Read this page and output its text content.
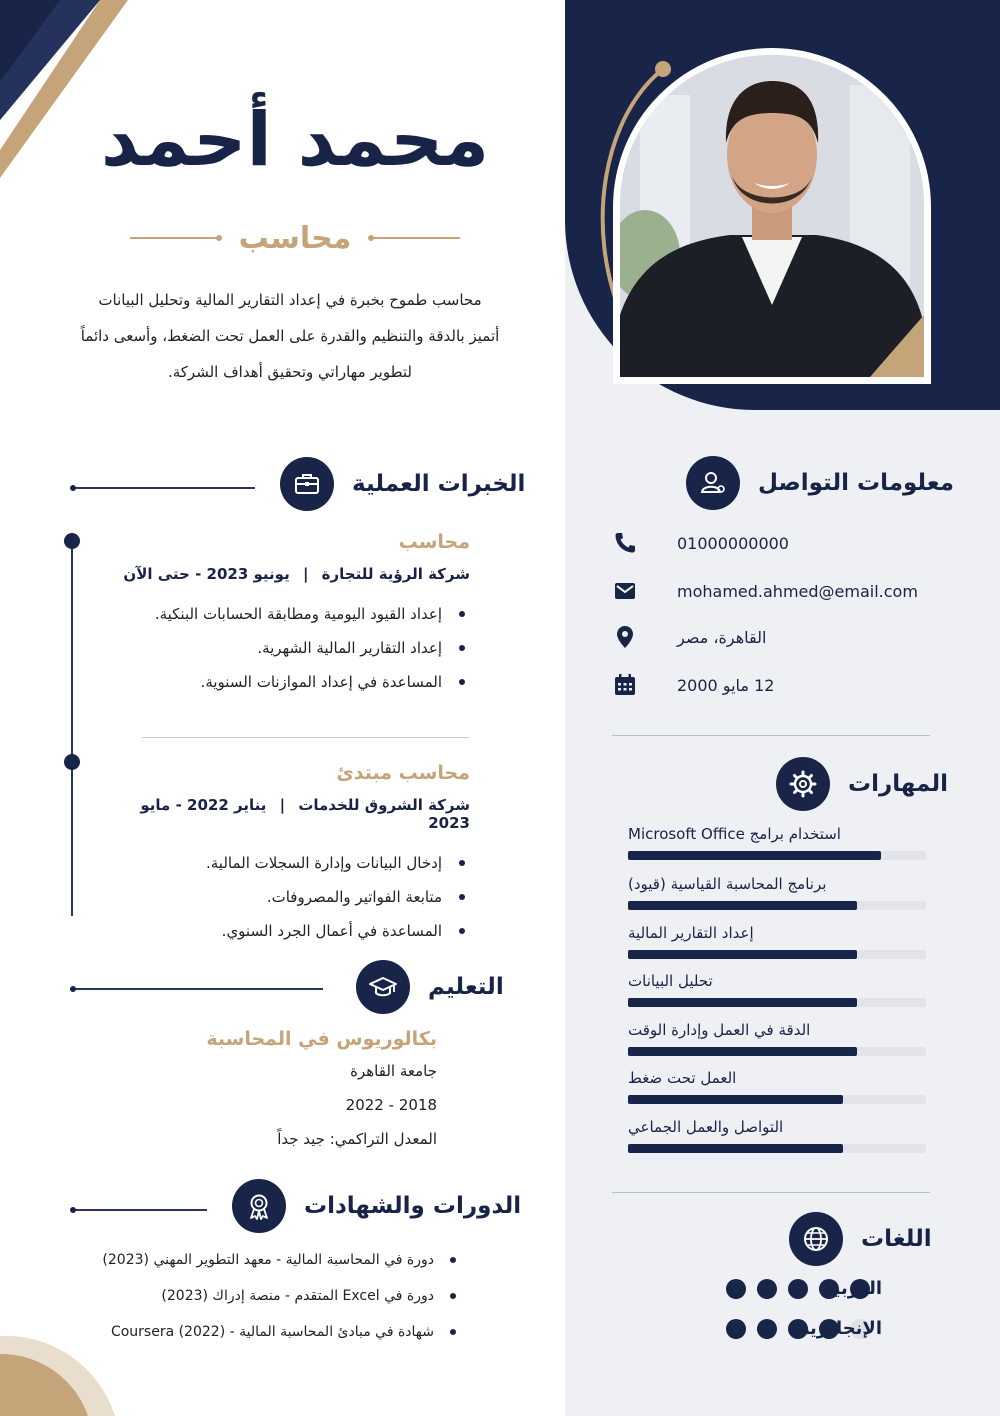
محمد أحمد
محاسب
محاسب طموح بخبرة في إعداد التقارير المالية وتحليل البيانات
أتميز بالدقة والتنظيم والقدرة على العمل تحت الضغط، وأسعى دائماً
لتطوير مهاراتي وتحقيق أهداف الشركة.
معلومات التواصل
01000000000
mohamed.ahmed@email.com
القاهرة، مصر
12 مايو 2000
المهارات
استخدام برامج Microsoft Office
برنامج المحاسبة القياسية (قيود)
إعداد التقارير المالية
تحليل البيانات
الدقة في العمل وإدارة الوقت
العمل تحت ضغط
التواصل والعمل الجماعي
اللغات
العربية
الإنجليزية
الخبرات العملية
محاسب
شركة الرؤية للتجارة | يونيو 2023 - حتى الآن
إعداد القيود اليومية ومطابقة الحسابات البنكية.
إعداد التقارير المالية الشهرية.
المساعدة في إعداد الموازنات السنوية.
محاسب مبتدئ
شركة الشروق للخدمات | يناير 2022 - مايو 2023
إدخال البيانات وإدارة السجلات المالية.
متابعة الفواتير والمصروفات.
المساعدة في أعمال الجرد السنوي.
التعليم
بكالوريوس في المحاسبة
جامعة القاهرة
2018 - 2022
المعدل التراكمي: جيد جداً
الدورات والشهادات
دورة في المحاسبة المالية - معهد التطوير المهني (2023)
دورة في Excel المتقدم - منصة إدراك (2023)
شهادة في مبادئ المحاسبة المالية - Coursera (2022)
